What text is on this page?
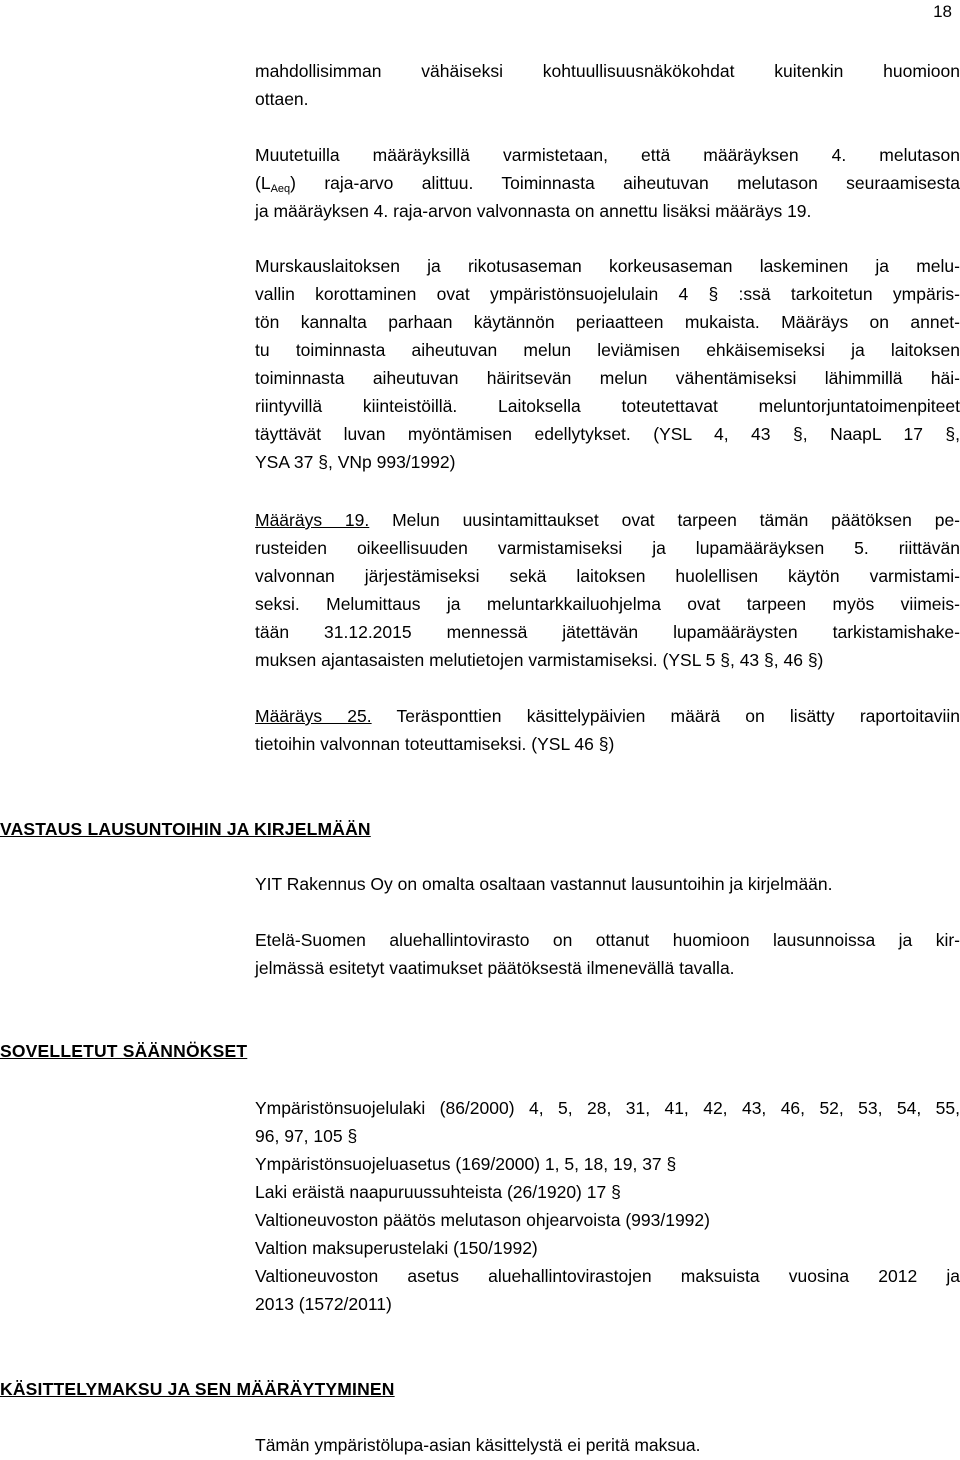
18

mahdollisimman vähäiseksi kohtuullisuusnäkökohdat kuitenkin huomioon

ottaen.

Muutetuilla määräyksillä varmistetaan, että määräyksen 4. melutason

$(L_{Aeq})$ raja-arvo alittuu. Toiminnasta aiheutuvan melutason seuraamisesta

ja määräyksen 4. raja-arvon valvonnasta on annettu lisäksi määräys 19.

Murskauslaitoksen ja rikotusaseman korkeusaseman laskeminen ja melu-

vallin korottaminen ovat ympäristönsuojelulain 4 § :ssä tarkoitetun ympäris-

tön kannalta parhaan käytännön periaatteen mukaista. Määräys on annet-

tu toiminnasta aiheutuvan melun leviämisen ehkäisemiseksi ja laitoksen

toiminnasta aiheutuvan häiritsevän melun vähentämiseksi lähimmillä häi-

riintyvillä kiinteistöillä. Laitoksella toteutettavat meluntorjuntatoimenpiteet

täyttävät luvan myöntämisen edellytykset. (YSL 4, 43 §, NaapL 17 §,

YSA 37 §, VNp 993/1992)

Määräys 19. Melun uusintamittaukset ovat tarpeen tämän päätöksen pe-

rusteiden oikeellisuuden varmistamiseksi ja lupamääräyksen 5. riittävän

valvonnan järjestämiseksi sekä laitoksen huolellisen käytön varmistami-

seksi. Melumittaus ja meluntarkkailuohjelma ovat tarpeen myös viimeis-

tään 31.12.2015 mennessä jätettävän lupamääräysten tarkistamishake-

muksen ajantasaisten melutietojen varmistamiseksi. (YSL 5 §, 43 §, 46 §)

Määräys 25. Teräsponttien käsittelypäivien määrä on lisätty raportoitaviin

tietoihin valvonnan toteuttamiseksi. (YSL 46 §)

VASTAUS LAUSUNTOIHIN JA KIRJELMÄÄN

YIT Rakennus Oy on omalta osaltaan vastannut lausuntoihin ja kirjelmään.

Etelä-Suomen aluehallintovirasto on ottanut huomioon lausunnoissa ja kir-

jelmässä esitetyt vaatimukset päätöksestä ilmenevällä tavalla.

SOVELLETUT SÄÄNNÖKSET

Ympäristönsuojelulaki (86/2000) 4, 5, 28, 31, 41, 42, 43, 46, 52, 53, 54, 55,

96, 97, 105 §

Ympäristönsuojeluasetus (169/2000) 1, 5, 18, 19, 37 §

Laki eräistä naapuruussuhteista (26/1920) 17 §

Valtioneuvoston päätös melutason ohjearvoista (993/1992)

Valtion maksuperustelaki (150/1992)

Valtioneuvoston asetus aluehallintovirastojen maksuista vuosina 2012 ja

2013 (1572/2011)

KÄSITTELYMAKSU JA SEN MÄÄRÄYTYMINEN

Tämän ympäristölupa-asian käsittelystä ei peritä maksua.
